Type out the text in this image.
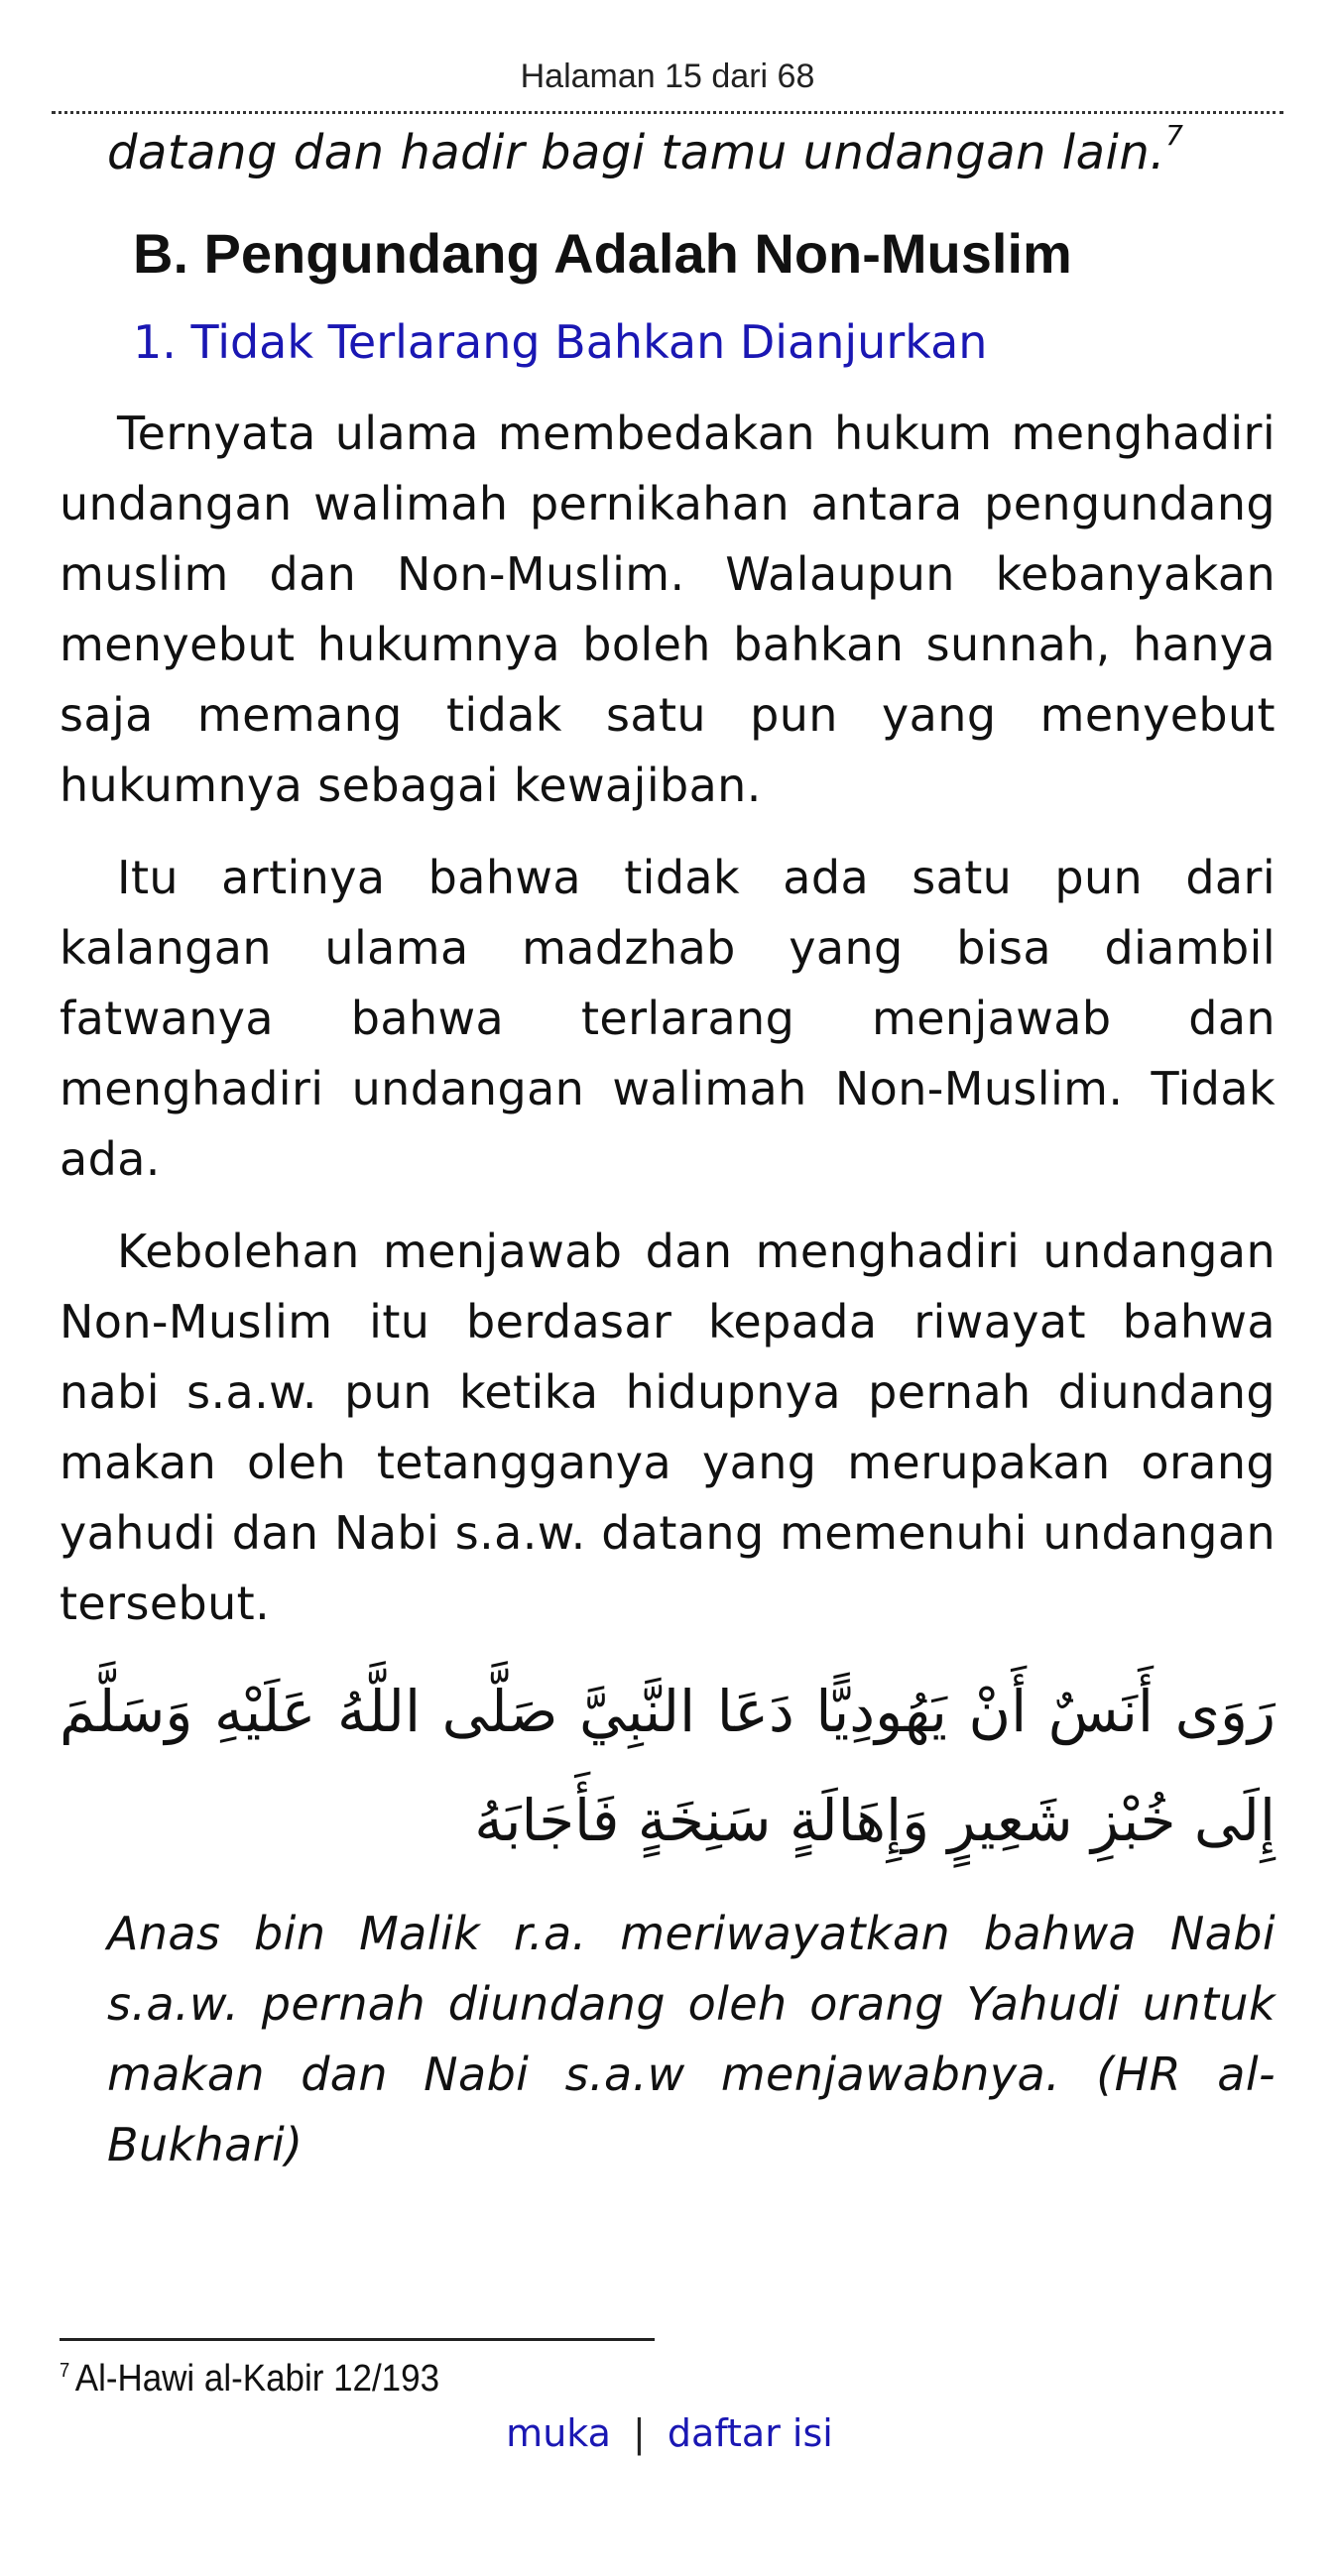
Halaman 15 dari 68

datang dan hadir bagi tamu undangan lain.$^7$

B. Pengundang Adalah Non-Muslim
1. Tidak Terlarang Bahkan Dianjurkan

Ternyata ulama membedakan hukum menghadiri undangan walimah pernikahan antara pengundang muslim dan Non-Muslim. Walaupun kebanyakan menyebut hukumnya boleh bahkan sunnah, hanya saja memang tidak satu pun yang menyebut hukumnya sebagai kewajiban.

Itu artinya bahwa tidak ada satu pun dari kalangan ulama madzhab yang bisa diambil fatwanya bahwa terlarang menjawab dan menghadiri undangan walimah Non-Muslim. Tidak ada.

Kebolehan menjawab dan menghadiri undangan Non-Muslim itu berdasar kepada riwayat bahwa nabi s.a.w. pun ketika hidupnya pernah diundang makan oleh tetangganya yang merupakan orang yahudi dan Nabi s.a.w. datang memenuhi undangan tersebut.

رَوَى أَنَسٌ أَنْ يَهُودِيًّا دَعَا النَّبِيَّ صَلَّى اللَّهُ عَلَيْهِ وَسَلَّمَ إِلَى خُبْزِ شَعِيرٍ وَإِهَالَةٍ سَنِخَةٍ فَأَجَابَهُ

Anas bin Malik r.a. meriwayatkan bahwa Nabi s.a.w. pernah diundang oleh orang Yahudi untuk makan dan Nabi s.a.w menjawabnya. (HR al-Bukhari)

$^7$ Al-Hawi al-Kabir 12/193
muka | daftar isi
